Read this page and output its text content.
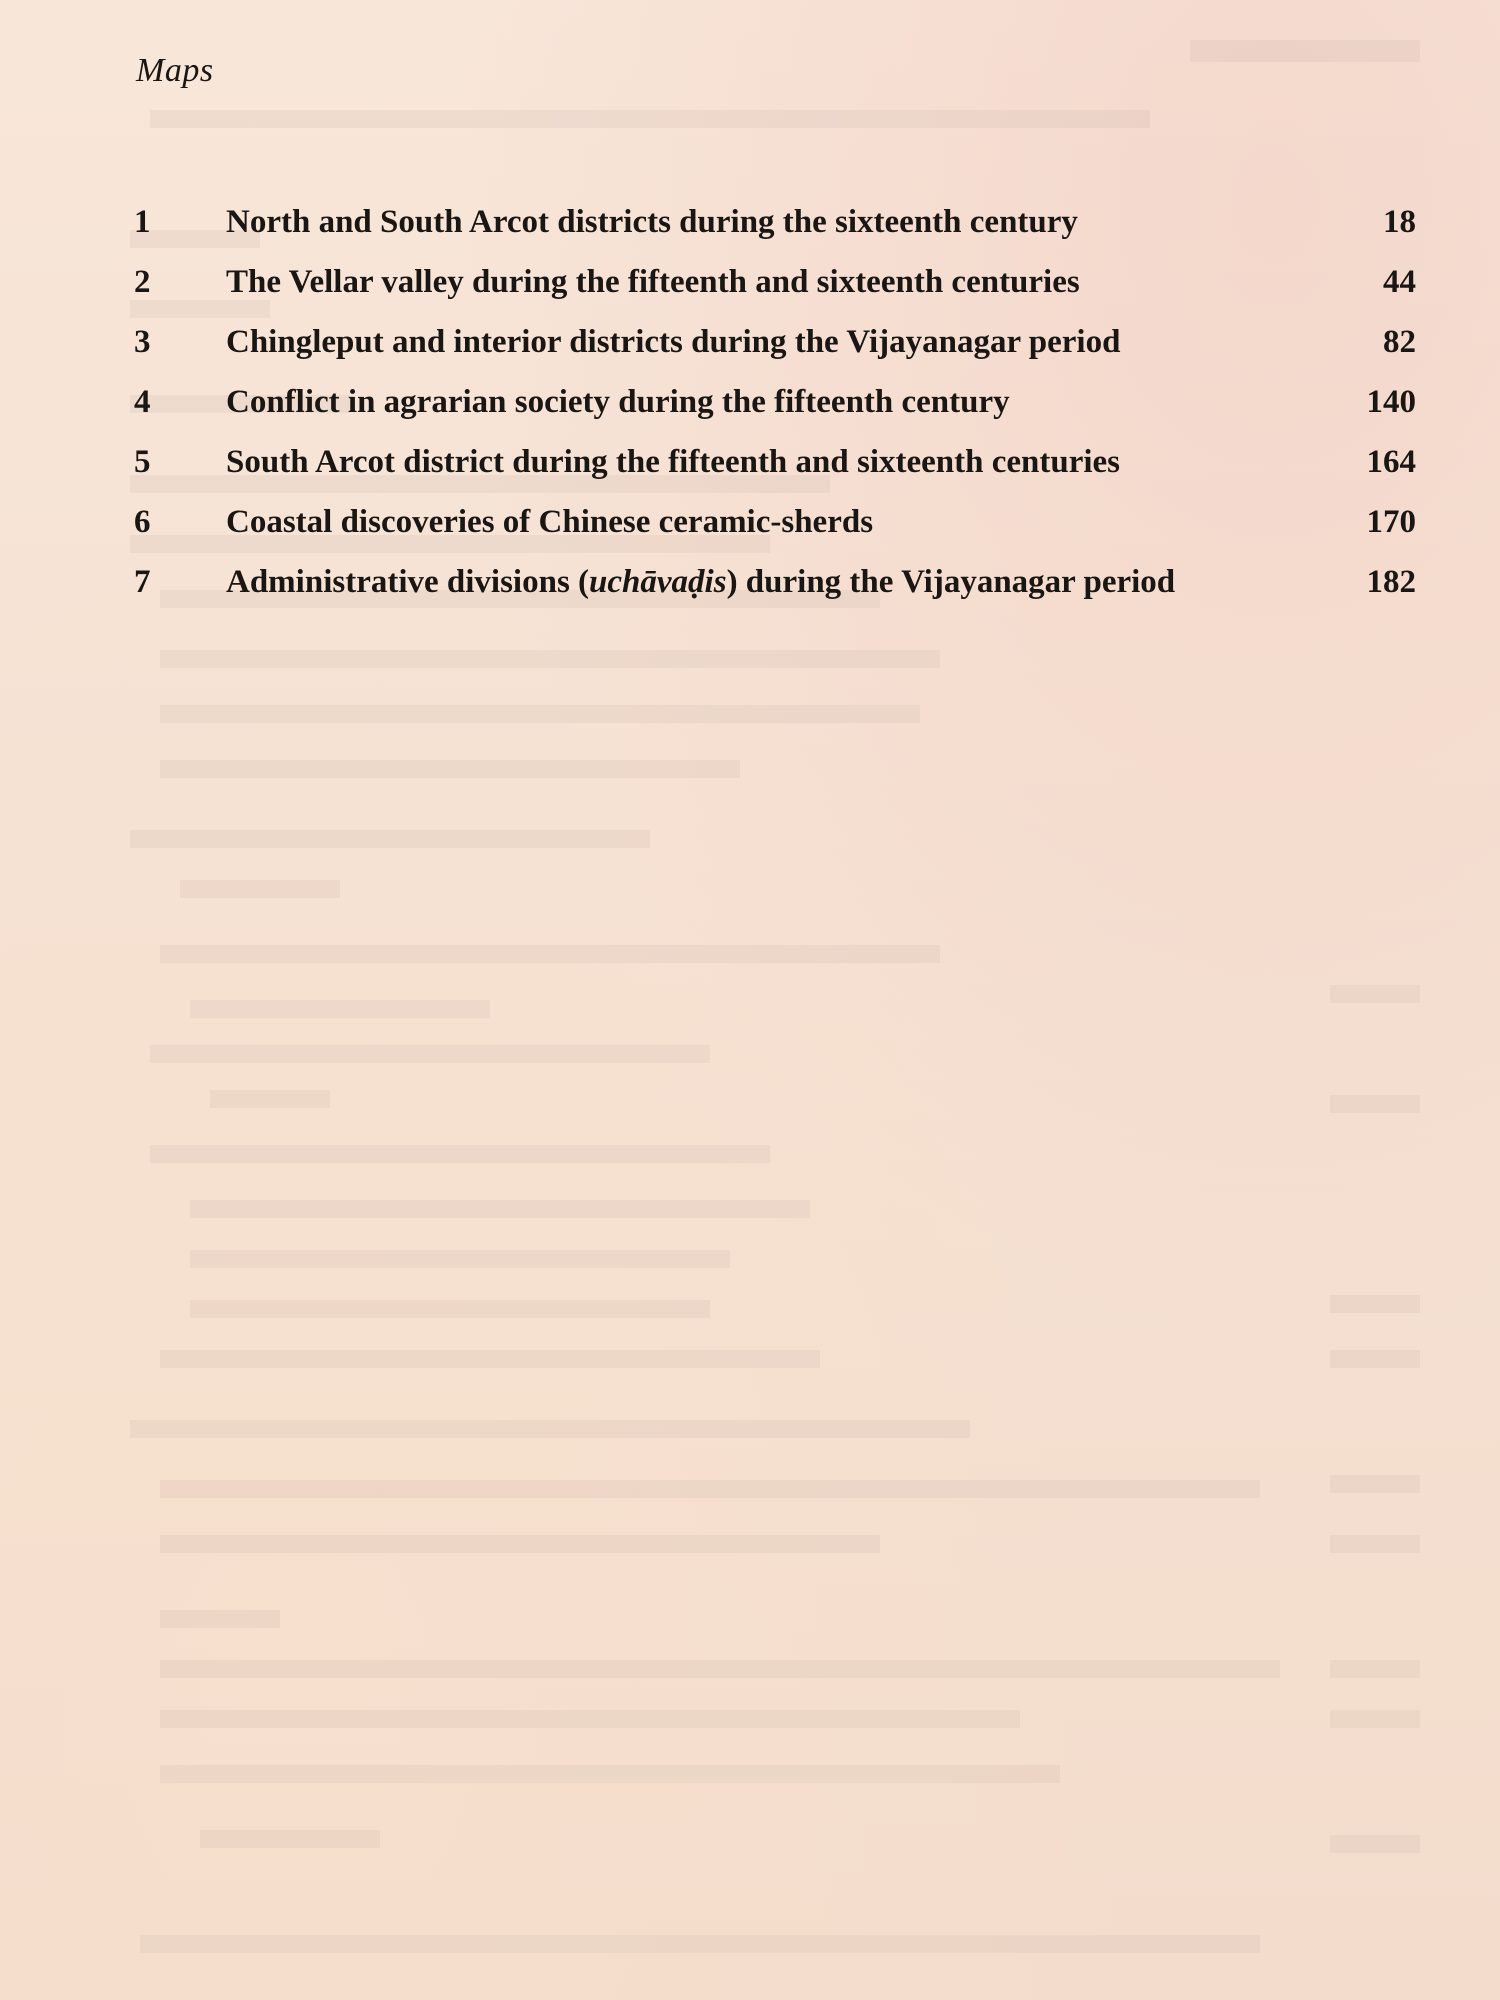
Maps
1 North and South Arcot districts during the sixteenth century	18
2 The Vellar valley during the fifteenth and sixteenth centuries	44
3 Chingleput and interior districts during the Vijayanagar period	82
4 Conflict in agrarian society during the fifteenth century	140
5 South Arcot district during the fifteenth and sixteenth centuries	164
6 Coastal discoveries of Chinese ceramic-sherds	170
7 Administrative divisions (uchāvaḍis) during the Vijayanagar period	182
